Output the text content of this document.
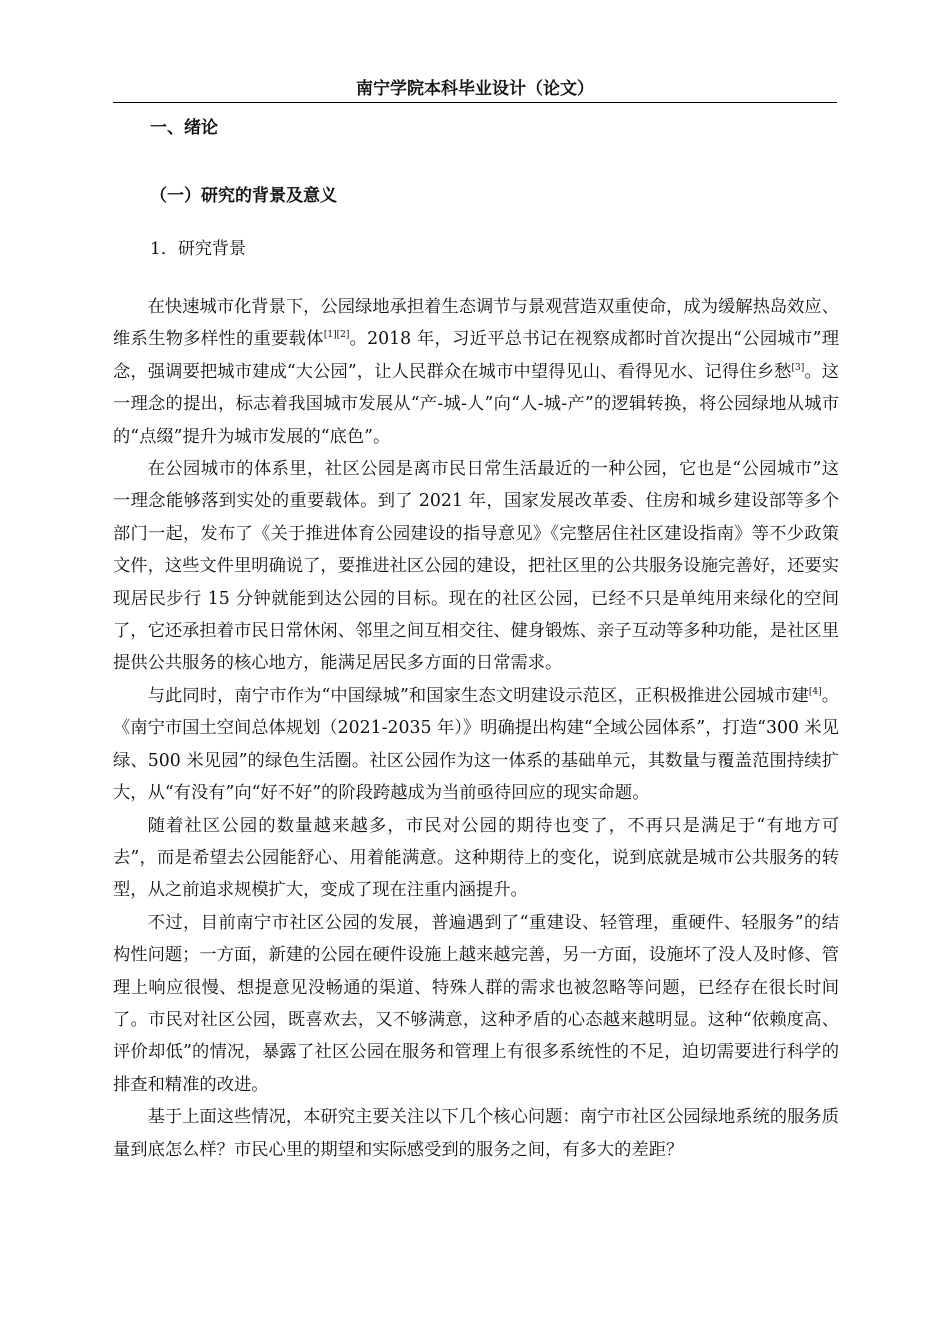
南宁学院本科毕业设计（论文）
一、绪论
（一）研究的背景及意义
1．研究背景

在快速城市化背景下，公园绿地承担着生态调节与景观营造双重使命，成为缓解热岛效应、维系生物多样性的重要载体[1][2]。2018 年，习近平总书记在视察成都时首次提出“公园城市”理念，强调要把城市建成“大公园”，让人民群众在城市中望得见山、看得见水、记得住乡愁[3]。这一理念的提出，标志着我国城市发展从“产-城-人”向“人-城-产”的逻辑转换，将公园绿地从城市的“点缀”提升为城市发展的“底色”。

在公园城市的体系里，社区公园是离市民日常生活最近的一种公园，它也是“公园城市”这一理念能够落到实处的重要载体。到了 2021 年，国家发展改革委、住房和城乡建设部等多个部门一起，发布了《关于推进体育公园建设的指导意见》《完整居住社区建设指南》等不少政策文件，这些文件里明确说了，要推进社区公园的建设，把社区里的公共服务设施完善好，还要实现居民步行 15 分钟就能到达公园的目标。现在的社区公园，已经不只是单纯用来绿化的空间了，它还承担着市民日常休闲、邻里之间互相交往、健身锻炼、亲子互动等多种功能，是社区里提供公共服务的核心地方，能满足居民多方面的日常需求。

与此同时，南宁市作为“中国绿城”和国家生态文明建设示范区，正积极推进公园城市建[4]。《南宁市国土空间总体规划（2021-2035 年）》明确提出构建“全域公园体系”，打造“300 米见绿、500 米见园”的绿色生活圈。社区公园作为这一体系的基础单元，其数量与覆盖范围持续扩大，从“有没有”向“好不好”的阶段跨越成为当前亟待回应的现实命题。

随着社区公园的数量越来越多，市民对公园的期待也变了，不再只是满足于“有地方可去”，而是希望去公园能舒心、用着能满意。这种期待上的变化，说到底就是城市公共服务的转型，从之前追求规模扩大，变成了现在注重内涵提升。

不过，目前南宁市社区公园的发展，普遍遇到了“重建设、轻管理，重硬件、轻服务”的结构性问题；一方面，新建的公园在硬件设施上越来越完善，另一方面，设施坏了没人及时修、管理上响应很慢、想提意见没畅通的渠道、特殊人群的需求也被忽略等问题，已经存在很长时间了。市民对社区公园，既喜欢去，又不够满意，这种矛盾的心态越来越明显。这种“依赖度高、评价却低”的情况，暴露了社区公园在服务和管理上有很多系统性的不足，迫切需要进行科学的排查和精准的改进。

基于上面这些情况，本研究主要关注以下几个核心问题：南宁市社区公园绿地系统的服务质量到底怎么样？市民心里的期望和实际感受到的服务之间，有多大的差距？
